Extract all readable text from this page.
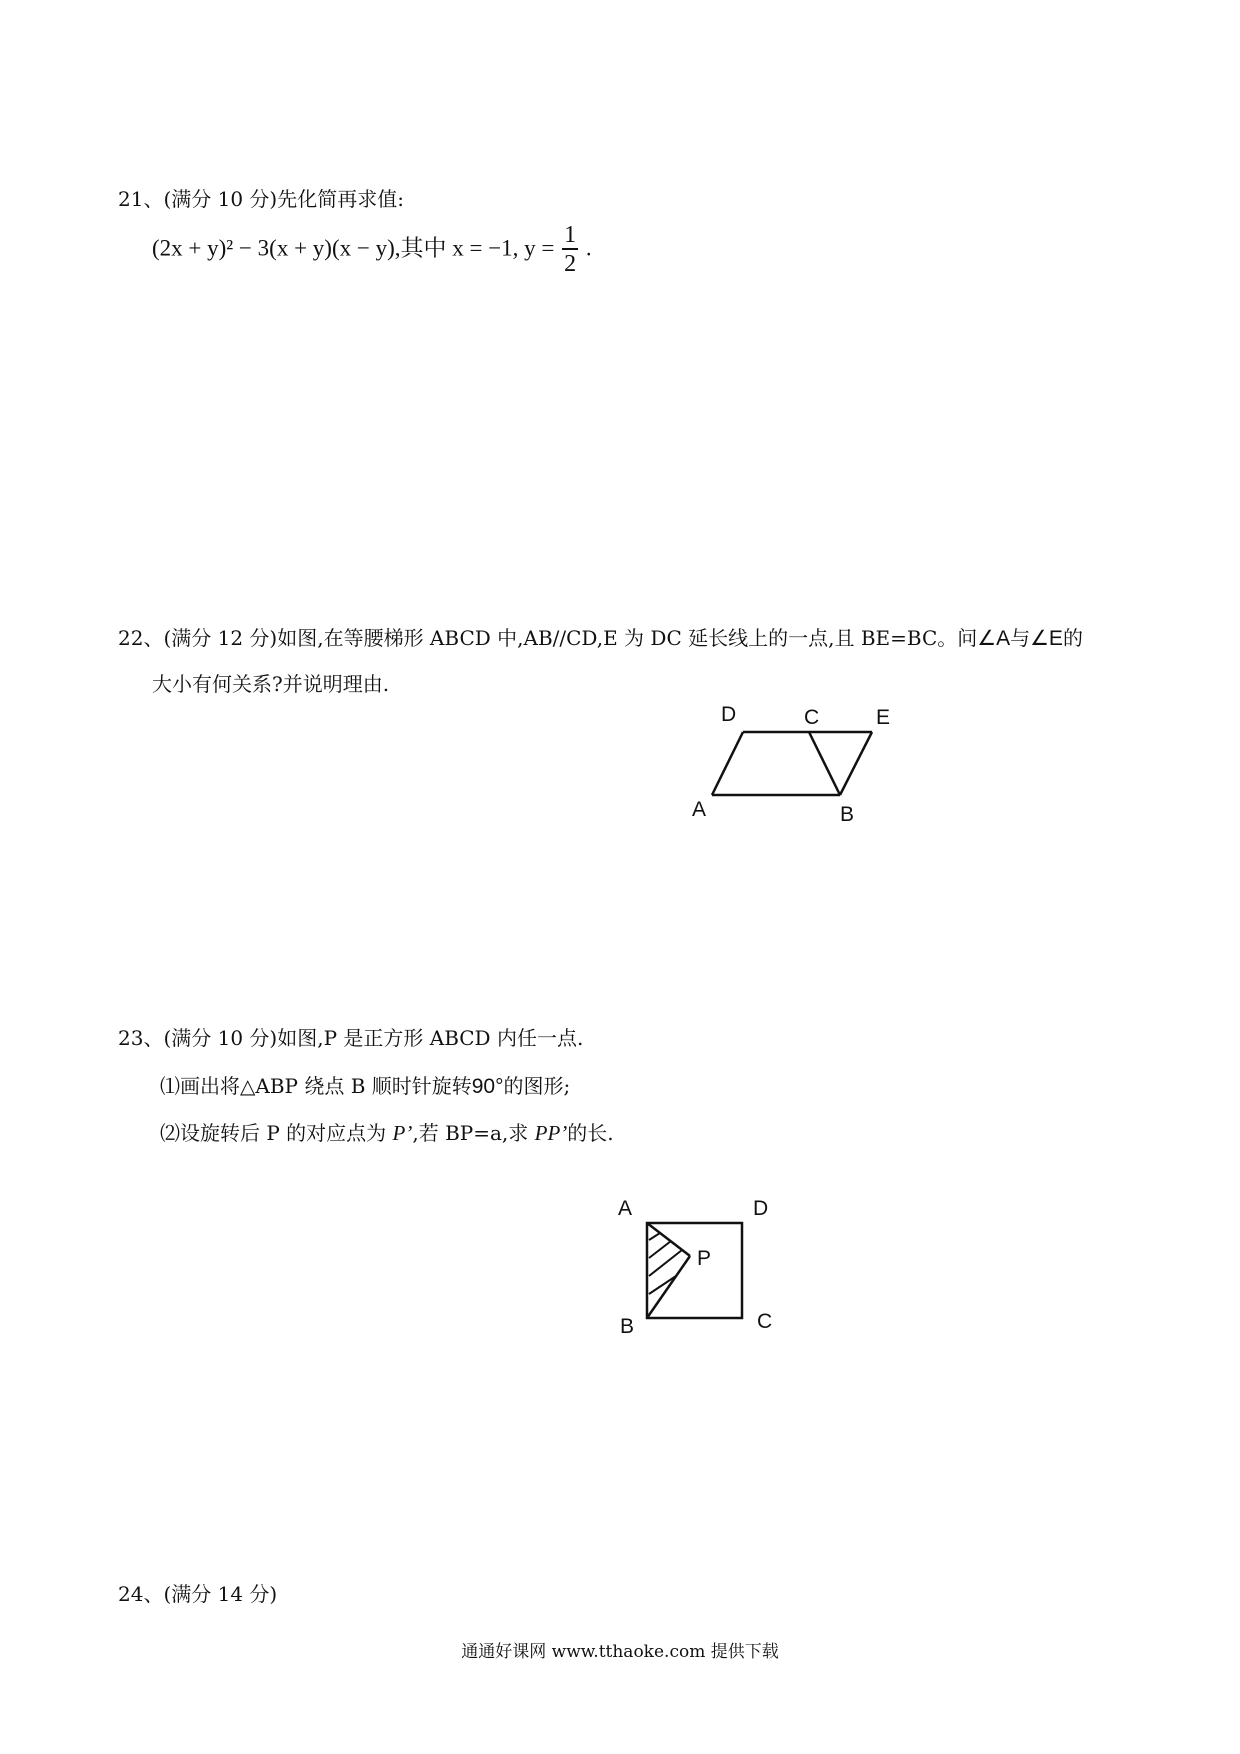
21、(满分 10 分)先化简再求值:
(2x + y)² − 3(x + y)(x − y),其中 x = −1, $y = \frac{1}{2}$ .
22、(满分 12 分)如图,在等腰梯形 ABCD 中,AB//CD,E 为 DC 延长线上的一点,且 BE=BC。问∠A与∠E的
大小有何关系?并说明理由.
D	C	E
A	B
23、(满分 10 分)如图,P 是正方形 ABCD 内任一点.
⑴画出将△ABP 绕点 B 顺时针旋转90°的图形;
⑵设旋转后 P 的对应点为 P’,若 BP=a,求 PP’的长.
A	D
P
B	C
24、(满分 14 分)
通通好课网 www.tthaoke.com 提供下载
